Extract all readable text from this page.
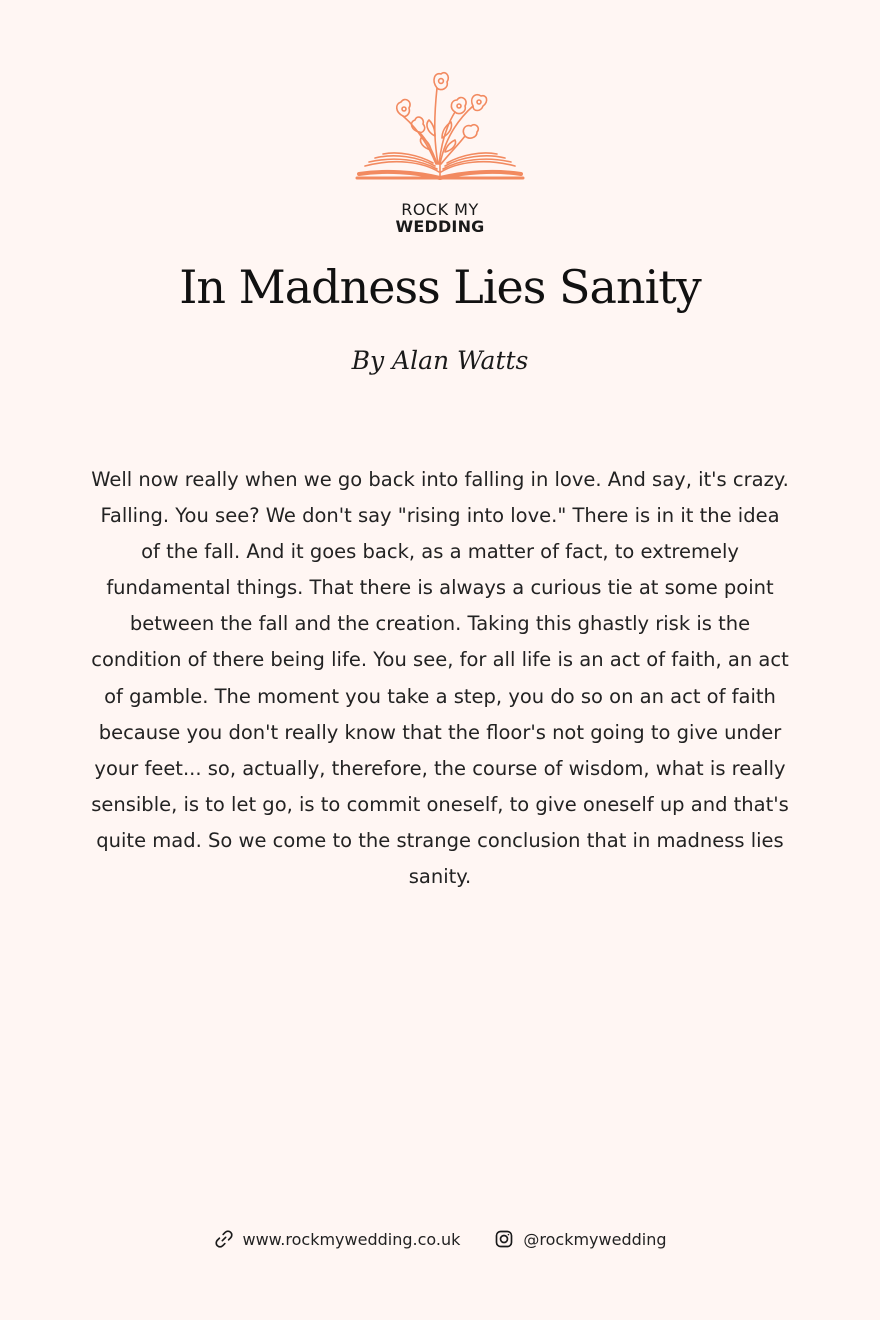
ROCK MY
WEDDING
In Madness Lies Sanity
By Alan Watts

Well now really when we go back into falling in love. And say, it's crazy. Falling. You see? We don't say "rising into love." There is in it the idea of the fall. And it goes back, as a matter of fact, to extremely fundamental things. That there is always a curious tie at some point between the fall and the creation. Taking this ghastly risk is the condition of there being life. You see, for all life is an act of faith, an act of gamble. The moment you take a step, you do so on an act of faith because you don't really know that the floor's not going to give under your feet... so, actually, therefore, the course of wisdom, what is really sensible, is to let go, is to commit oneself, to give oneself up and that's quite mad. So we come to the strange conclusion that in madness lies sanity.

www.rockmywedding.co.uk	@rockmywedding
